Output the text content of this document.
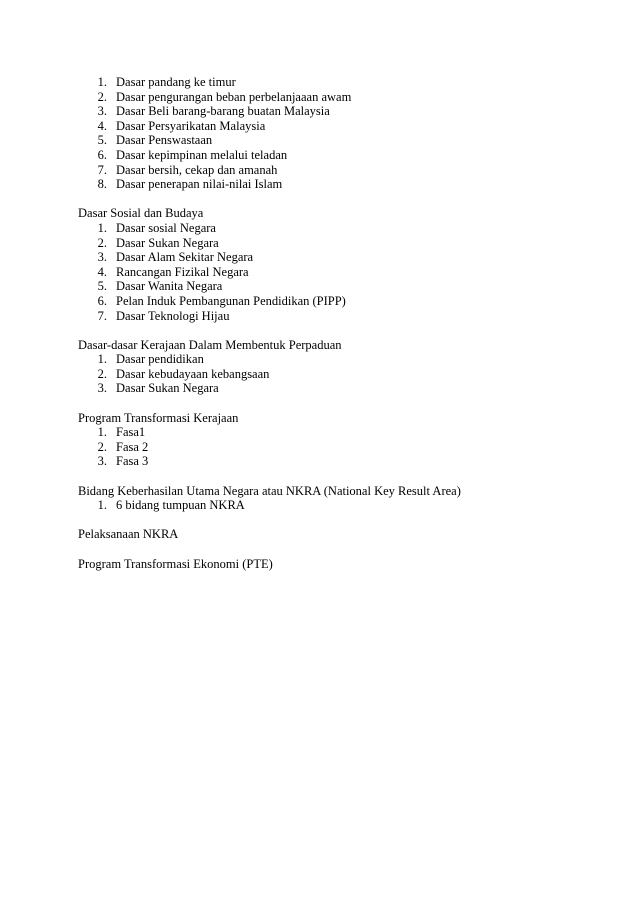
1. Dasar pandang ke timur
2. Dasar pengurangan beban perbelanjaaan awam
3. Dasar Beli barang-barang buatan Malaysia
4. Dasar Persyarikatan Malaysia
5. Dasar Penswastaan
6. Dasar kepimpinan melalui teladan
7. Dasar bersih, cekap dan amanah
8. Dasar penerapan nilai-nilai Islam

Dasar Sosial dan Budaya

1. Dasar sosial Negara
2. Dasar Sukan Negara
3. Dasar Alam Sekitar Negara
4. Rancangan Fizikal Negara
5. Dasar Wanita Negara
6. Pelan Induk Pembangunan Pendidikan (PIPP)
7. Dasar Teknologi Hijau

Dasar-dasar Kerajaan Dalam Membentuk Perpaduan

1. Dasar pendidikan
2. Dasar kebudayaan kebangsaan
3. Dasar Sukan Negara

Program Transformasi Kerajaan

1. Fasa1
2. Fasa 2
3. Fasa 3

Bidang Keberhasilan Utama Negara atau NKRA (National Key Result Area)

1. 6 bidang tumpuan NKRA

Pelaksanaan NKRA

Program Transformasi Ekonomi (PTE)
